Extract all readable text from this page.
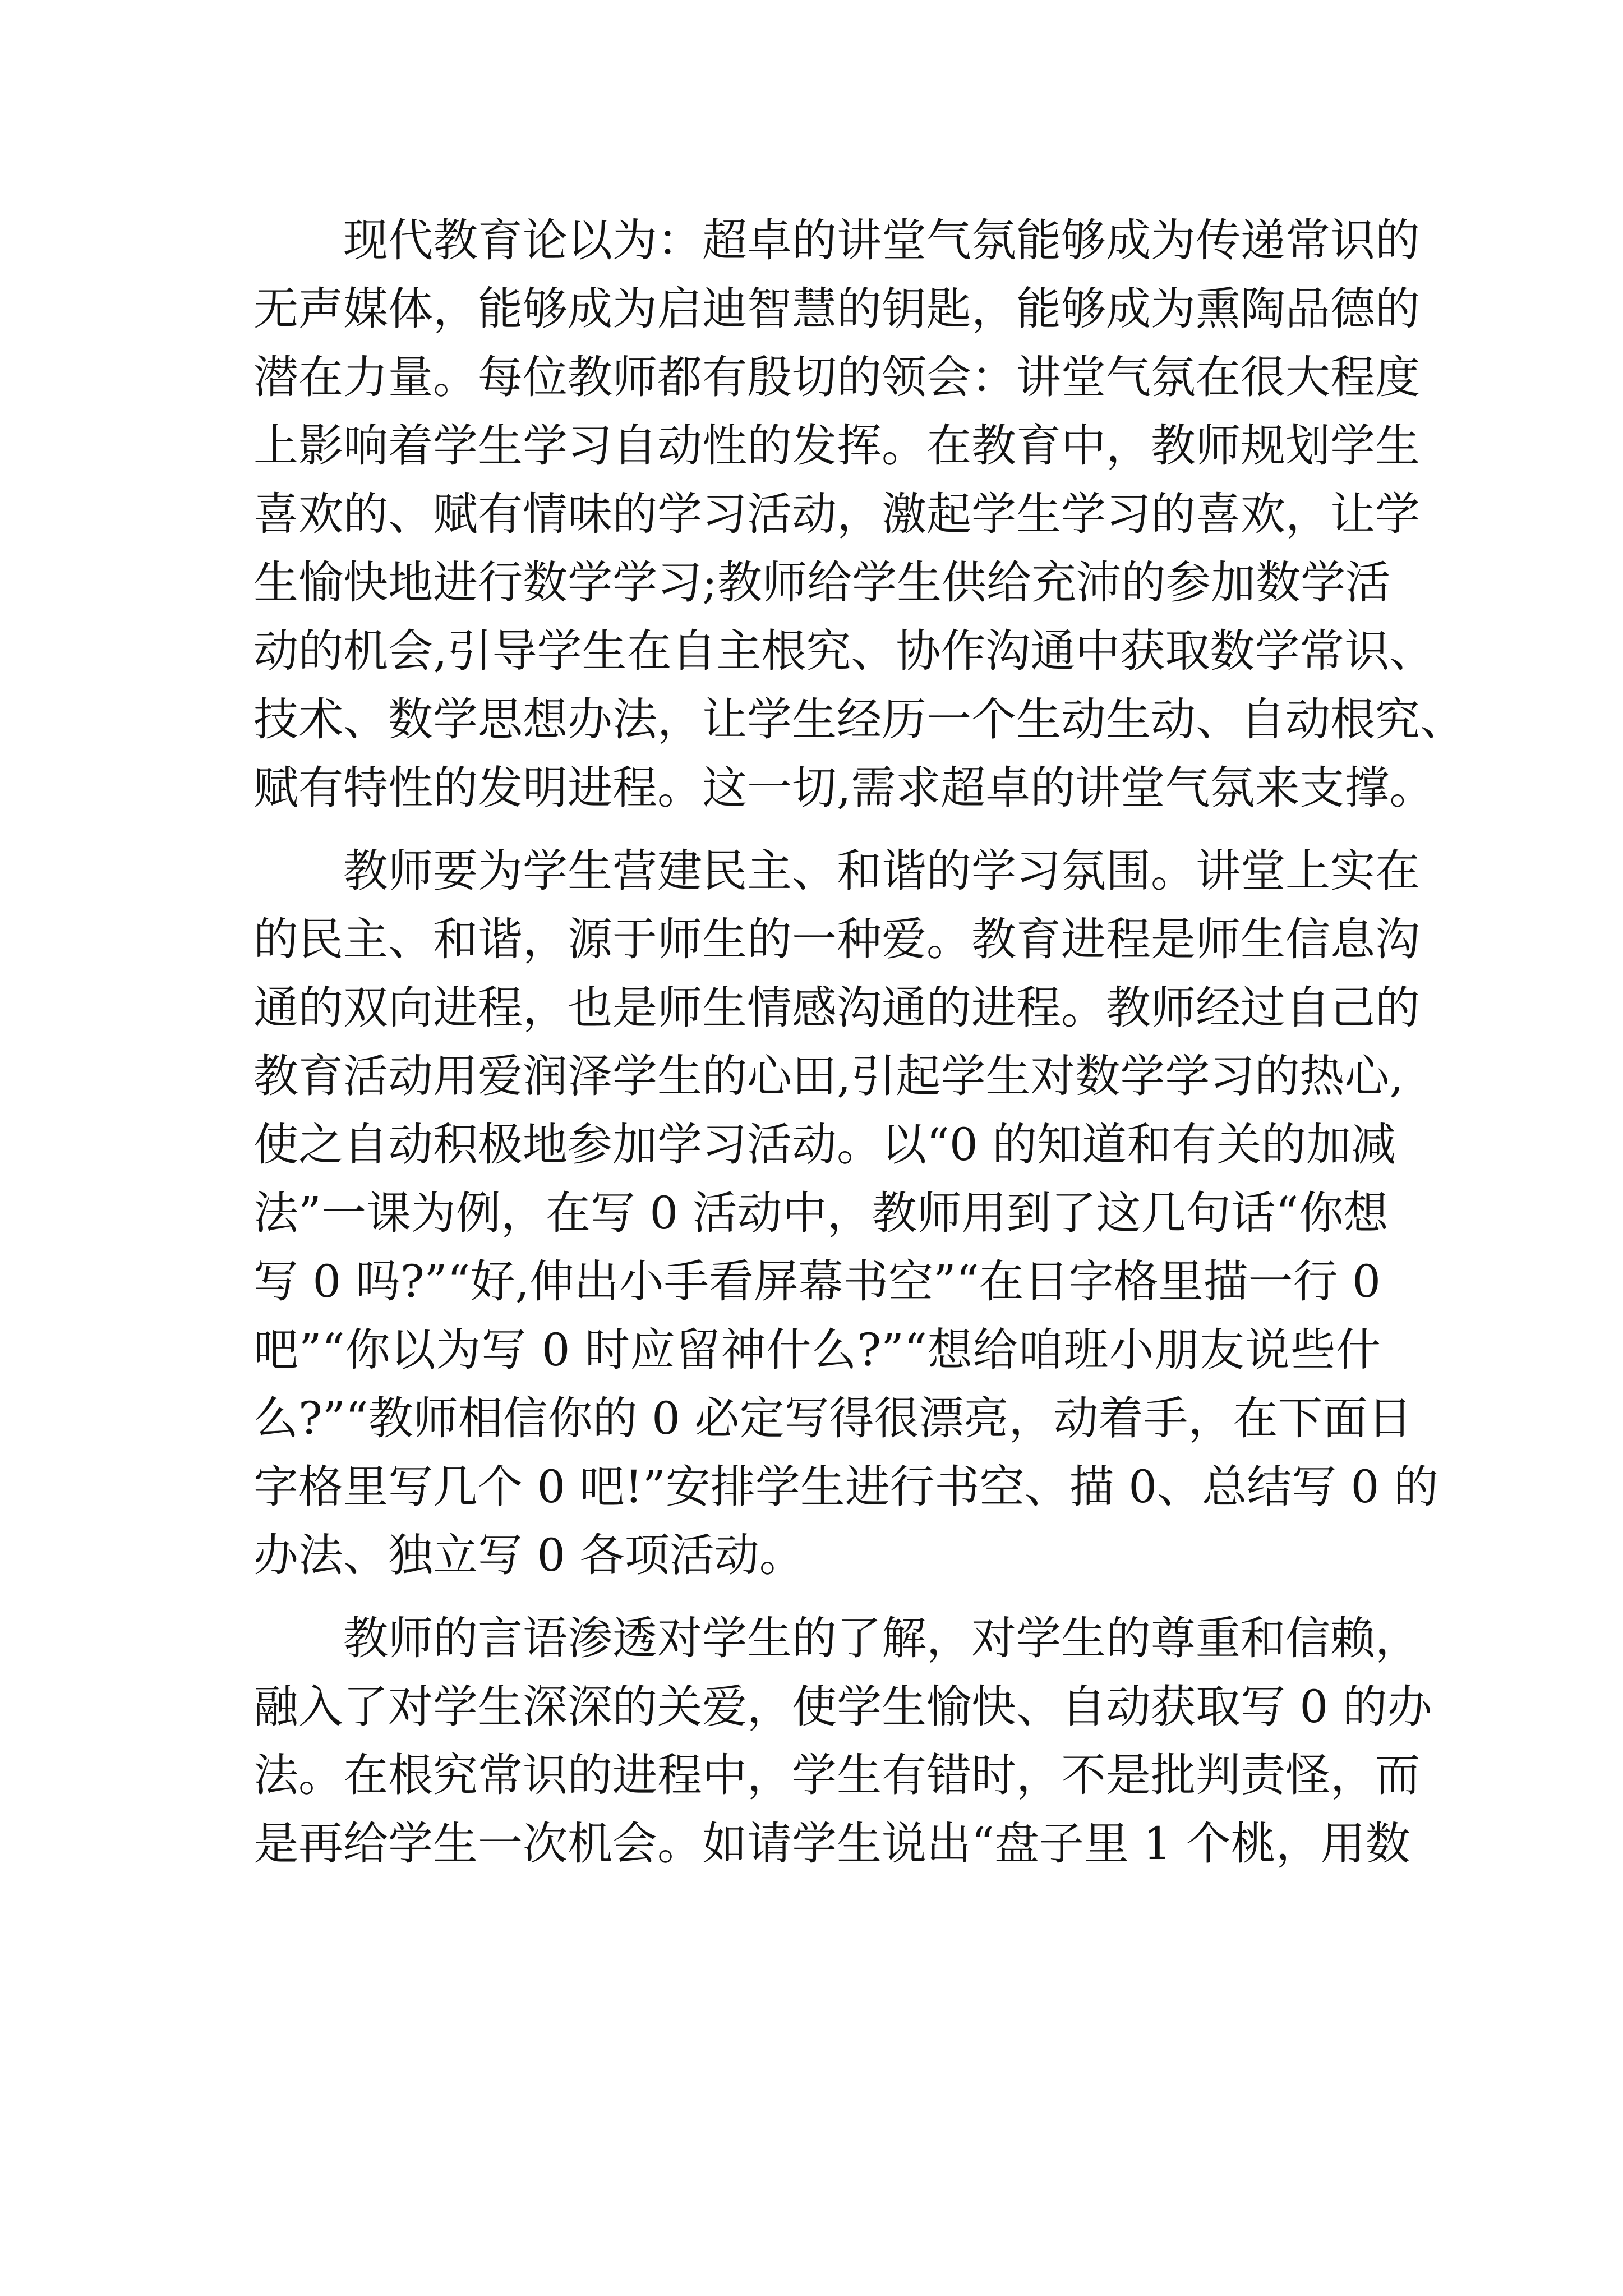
现代教育论以为：超卓的讲堂气氛能够成为传递常识的
无声媒体，能够成为启迪智慧的钥匙，能够成为熏陶品德的
潜在力量。每位教师都有殷切的领会：讲堂气氛在很大程度
上影响着学生学习自动性的发挥。在教育中，教师规划学生
喜欢的、赋有情味的学习活动，激起学生学习的喜欢，让学
生愉快地进行数学学习;教师给学生供给充沛的参加数学活
动的机会,引导学生在自主根究、协作沟通中获取数学常识、
技术、数学思想办法，让学生经历一个生动生动、自动根究、
赋有特性的发明进程。这一切,需求超卓的讲堂气氛来支撑。
教师要为学生营建民主、和谐的学习氛围。讲堂上实在
的民主、和谐，源于师生的一种爱。教育进程是师生信息沟
通的双向进程，也是师生情感沟通的进程。教师经过自己的
教育活动用爱润泽学生的心田,引起学生对数学学习的热心,
使之自动积极地参加学习活动。以“0 的知道和有关的加减
法”一课为例，在写 0 活动中，教师用到了这几句话“你想
写 0 吗?”“好,伸出小手看屏幕书空”“在日字格里描一行 0
吧”“你以为写 0 时应留神什么?”“想给咱班小朋友说些什
么?”“教师相信你的 0 必定写得很漂亮，动着手，在下面日
字格里写几个 0 吧!”安排学生进行书空、描 0、总结写 0 的
办法、独立写 0 各项活动。
教师的言语渗透对学生的了解，对学生的尊重和信赖，
融入了对学生深深的关爱，使学生愉快、自动获取写 0 的办
法。在根究常识的进程中，学生有错时，不是批判责怪，而
是再给学生一次机会。如请学生说出“盘子里 1 个桃，用数
